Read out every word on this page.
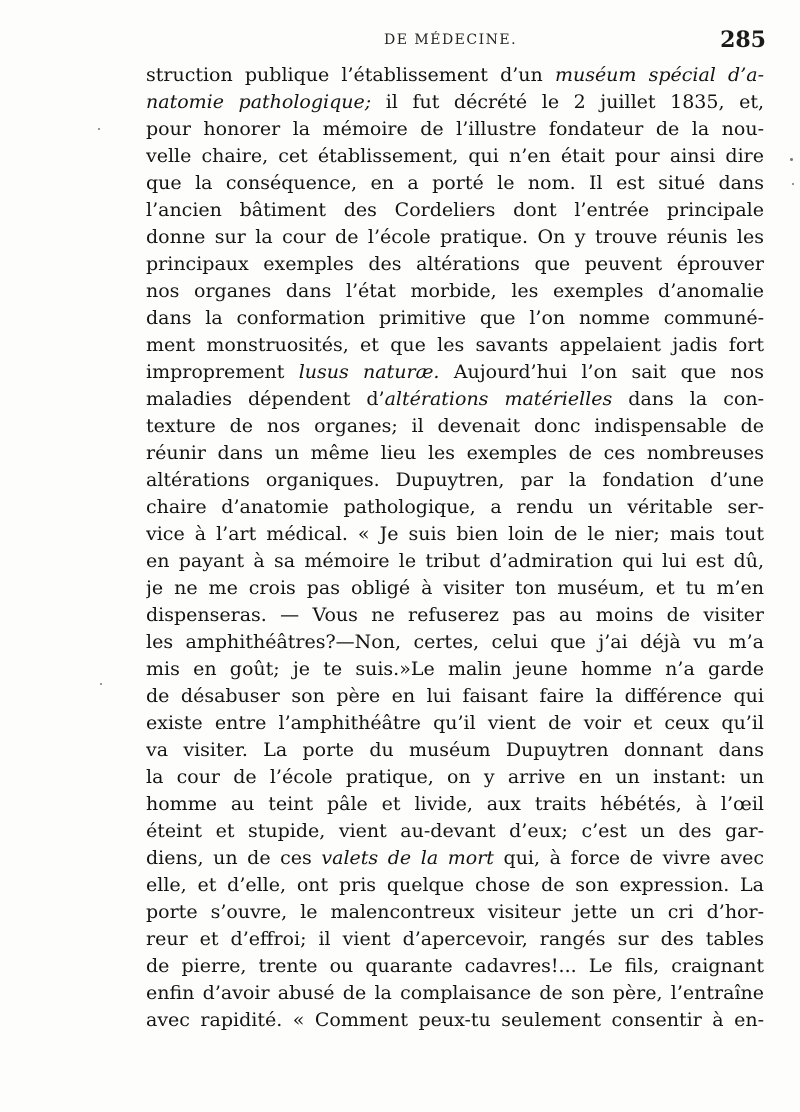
DE MÉDECINE.	285
struction publique l’établissement d’un muséum spécial d’a-
natomie pathologique; il fut décrété le 2 juillet 1835, et,
pour honorer la mémoire de l’illustre fondateur de la nou-
velle chaire, cet établissement, qui n’en était pour ainsi dire
que la conséquence, en a porté le nom. Il est situé dans
l’ancien bâtiment des Cordeliers dont l’entrée principale
donne sur la cour de l’école pratique. On y trouve réunis les
principaux exemples des altérations que peuvent éprouver
nos organes dans l’état morbide, les exemples d’anomalie
dans la conformation primitive que l’on nomme communé-
ment monstruosités, et que les savants appelaient jadis fort
improprement lusus naturæ. Aujourd’hui l’on sait que nos
maladies dépendent d’altérations matérielles dans la con-
texture de nos organes; il devenait donc indispensable de
réunir dans un même lieu les exemples de ces nombreuses
altérations organiques. Dupuytren, par la fondation d’une
chaire d’anatomie pathologique, a rendu un véritable ser-
vice à l’art médical. « Je suis bien loin de le nier; mais tout
en payant à sa mémoire le tribut d’admiration qui lui est dû,
je ne me crois pas obligé à visiter ton muséum, et tu m’en
dispenseras. — Vous ne refuserez pas au moins de visiter
les amphithéâtres?—Non, certes, celui que j’ai déjà vu m’a
mis en goût; je te suis.»Le malin jeune homme n’a garde
de désabuser son père en lui faisant faire la différence qui
existe entre l’amphithéâtre qu’il vient de voir et ceux qu’il
va visiter. La porte du muséum Dupuytren donnant dans
la cour de l’école pratique, on y arrive en un instant: un
homme au teint pâle et livide, aux traits hébétés, à l’œil
éteint et stupide, vient au-devant d’eux; c’est un des gar-
diens, un de ces valets de la mort qui, à force de vivre avec
elle, et d’elle, ont pris quelque chose de son expression. La
porte s’ouvre, le malencontreux visiteur jette un cri d’hor-
reur et d’effroi; il vient d’apercevoir, rangés sur des tables
de pierre, trente ou quarante cadavres!... Le fils, craignant
enfin d’avoir abusé de la complaisance de son père, l’entraîne
avec rapidité. « Comment peux-tu seulement consentir à en-
